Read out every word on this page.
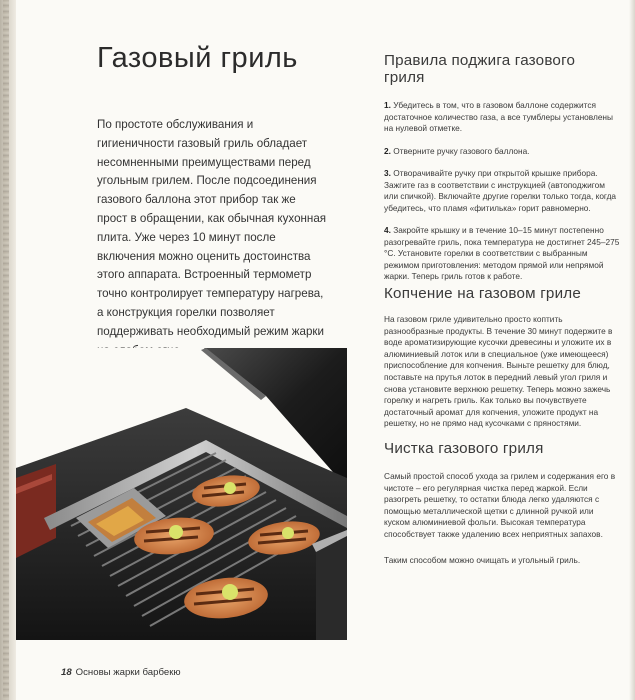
Газовый гриль

По простоте обслуживания и гигиеничности газовый гриль обладает несомненными преимуществами перед угольным грилем. После подсоединения газового баллона этот прибор так же прост в обращении, как обычная кухонная плита. Уже через 10 минут после включения можно оценить достоинства этого аппарата. Встроенный термометр точно контролирует температуру нагрева, а конструкция горелки позволяет поддерживать необходимый режим жарки

Правила поджига газового гриля
1. Убедитесь в том, что в газовом баллоне содержится достаточное количество газа, а все тумблеры установлены на нулевой отметке.
2. Отверните ручку газового баллона.
3. Отворачивайте ручку при открытой крышке прибора. Зажгите газ в соответствии с инструкцией (автоподжигом или спичкой). Включайте другие горелки только тогда, когда убедитесь, что пламя «фитилька» горит равномерно.
4. Закройте крышку и в течение 10–15 минут постепенно разогревайте гриль, пока температура не достигнет 245–275 °С. Установите горелки в соответствии с выбранным режимом приготовления: методом прямой или непрямой жарки. Теперь гриль готов к работе.
Копчение на газовом гриле

На газовом гриле удивительно просто коптить разнообразные продукты. В течение 30 минут подержите в воде ароматизирующие кусочки древесины и уложите их в алюминиевый лоток или в специальное (уже имеющееся) приспособление для копчения. Выньте решетку для блюд, поставьте на прутья лоток в передний левый угол гриля и снова установите верхнюю решетку. Теперь можно зажечь горелку и нагреть гриль. Как только вы почувствуете достаточный аромат для копчения, уложите продукт на решетку, но не прямо над кусочками с пряностями.

Чистка газового гриля

Самый простой способ ухода за грилем и содержания его в чистоте – его регулярная чистка перед жаркой. Если разогреть решетку, то остатки блюда легко удаляются с помощью металлической щетки с длинной ручкой или куском алюминиевой фольги. Высокая температура способствует также удалению всех неприятных запахов.

Таким способом можно очищать и угольный гриль.

18 Основы жарки барбекю
